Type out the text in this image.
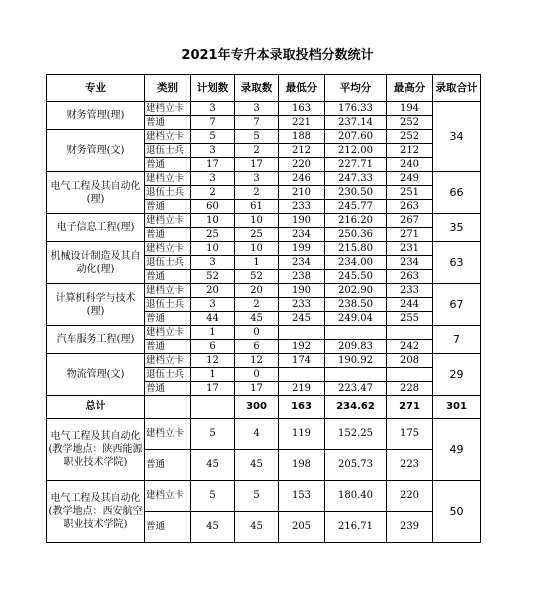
2021年专升本录取投档分数统计
专业	类别	计划数	录取数	最低分	平均分	最高分	录取合计
财务管理(理)	建档立卡	3	3	163	176.33	194	34
	普通	7	7	221	237.14	252	
财务管理(文)	建档立卡	5	5	188	207.60	252	
	退伍士兵	3	2	212	212.00	212	
	普通	17	17	220	227.71	240	
电气工程及其自动化(理)	建档立卡	3	3	246	247.33	249	66
	退伍士兵	2	2	210	230.50	251	
	普通	60	61	233	245.77	263	
电子信息工程(理)	建档立卡	10	10	190	216.20	267	35
	普通	25	25	234	250.36	271	
机械设计制造及其自动化(理)	建档立卡	10	10	199	215.80	231	63
	退伍士兵	3	1	234	234.00	234	
	普通	52	52	238	245.50	263	
计算机科学与技术(理)	建档立卡	20	20	190	202.90	233	67
	退伍士兵	3	2	233	238.50	244	
	普通	44	45	245	249.04	255	
汽车服务工程(理)	建档立卡	1	0				7
	普通	6	6	192	209.83	242	
物流管理(文)	建档立卡	12	12	174	190.92	208	29
	退伍士兵	1	0				
	普通	17	17	219	223.47	228	
总计			300	163	234.62	271	301
电气工程及其自动化(教学地点：陕西能源职业技术学院)	建档立卡	5	4	119	152.25	175	49
	普通	45	45	198	205.73	223	
电气工程及其自动化(教学地点：西安航空职业技术学院)	建档立卡	5	5	153	180.40	220	50
	普通	45	45	205	216.71	239	
